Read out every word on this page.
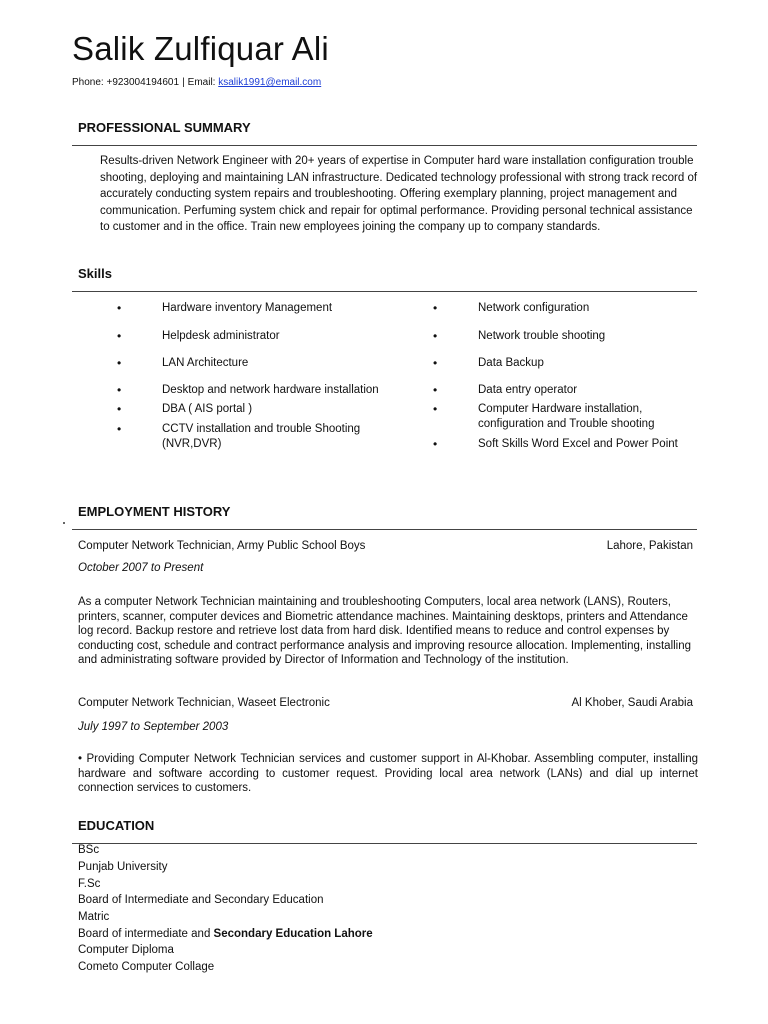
Salik Zulfiquar Ali
Phone: +923004194601 | Email: ksalik1991@email.com
PROFESSIONAL SUMMARY
Results-driven Network Engineer with 20+ years of expertise in Computer hard ware installation configuration trouble shooting, deploying and maintaining LAN infrastructure. Dedicated technology professional with strong track record of accurately conducting system repairs and troubleshooting. Offering exemplary planning, project management and communication. Perfuming system chick and repair for optimal performance. Providing personal technical assistance to customer and in the office. Train new employees joining the company up to company standards.
Skills
•	Hardware inventory Management
•	Helpdesk administrator
•	LAN Architecture
•	Desktop and network hardware installation
•	DBA ( AIS portal )
•	CCTV installation and trouble Shooting (NVR,DVR)
•	Network configuration
•	Network trouble shooting
•	Data Backup
•	Data entry operator
•	Computer Hardware installation, configuration and Trouble shooting
•	Soft Skills Word Excel and Power Point
EMPLOYMENT HISTORY
Computer Network Technician, Army Public School Boys	Lahore, Pakistan
October 2007 to Present
As a computer Network Technician maintaining and troubleshooting Computers, local area network (LANS), Routers, printers, scanner, computer devices and Biometric attendance machines. Maintaining desktops, printers and Attendance log record. Backup restore and retrieve lost data from hard disk. Identified means to reduce and control expenses by conducting cost, schedule and contract performance analysis and improving resource allocation. Implementing, installing and administrating software provided by Director of Information and Technology of the institution.
Computer Network Technician, Waseet Electronic	Al Khober, Saudi Arabia
July 1997 to September 2003
• Providing Computer Network Technician services and customer support in Al-Khobar. Assembling computer, installing hardware and software according to customer request. Providing local area network (LANs) and dial up internet connection services to customers.
EDUCATION
BSc
Punjab University
F.Sc
Board of Intermediate and Secondary Education
Matric
Board of intermediate and Secondary Education Lahore
Computer Diploma
Cometo Computer Collage
